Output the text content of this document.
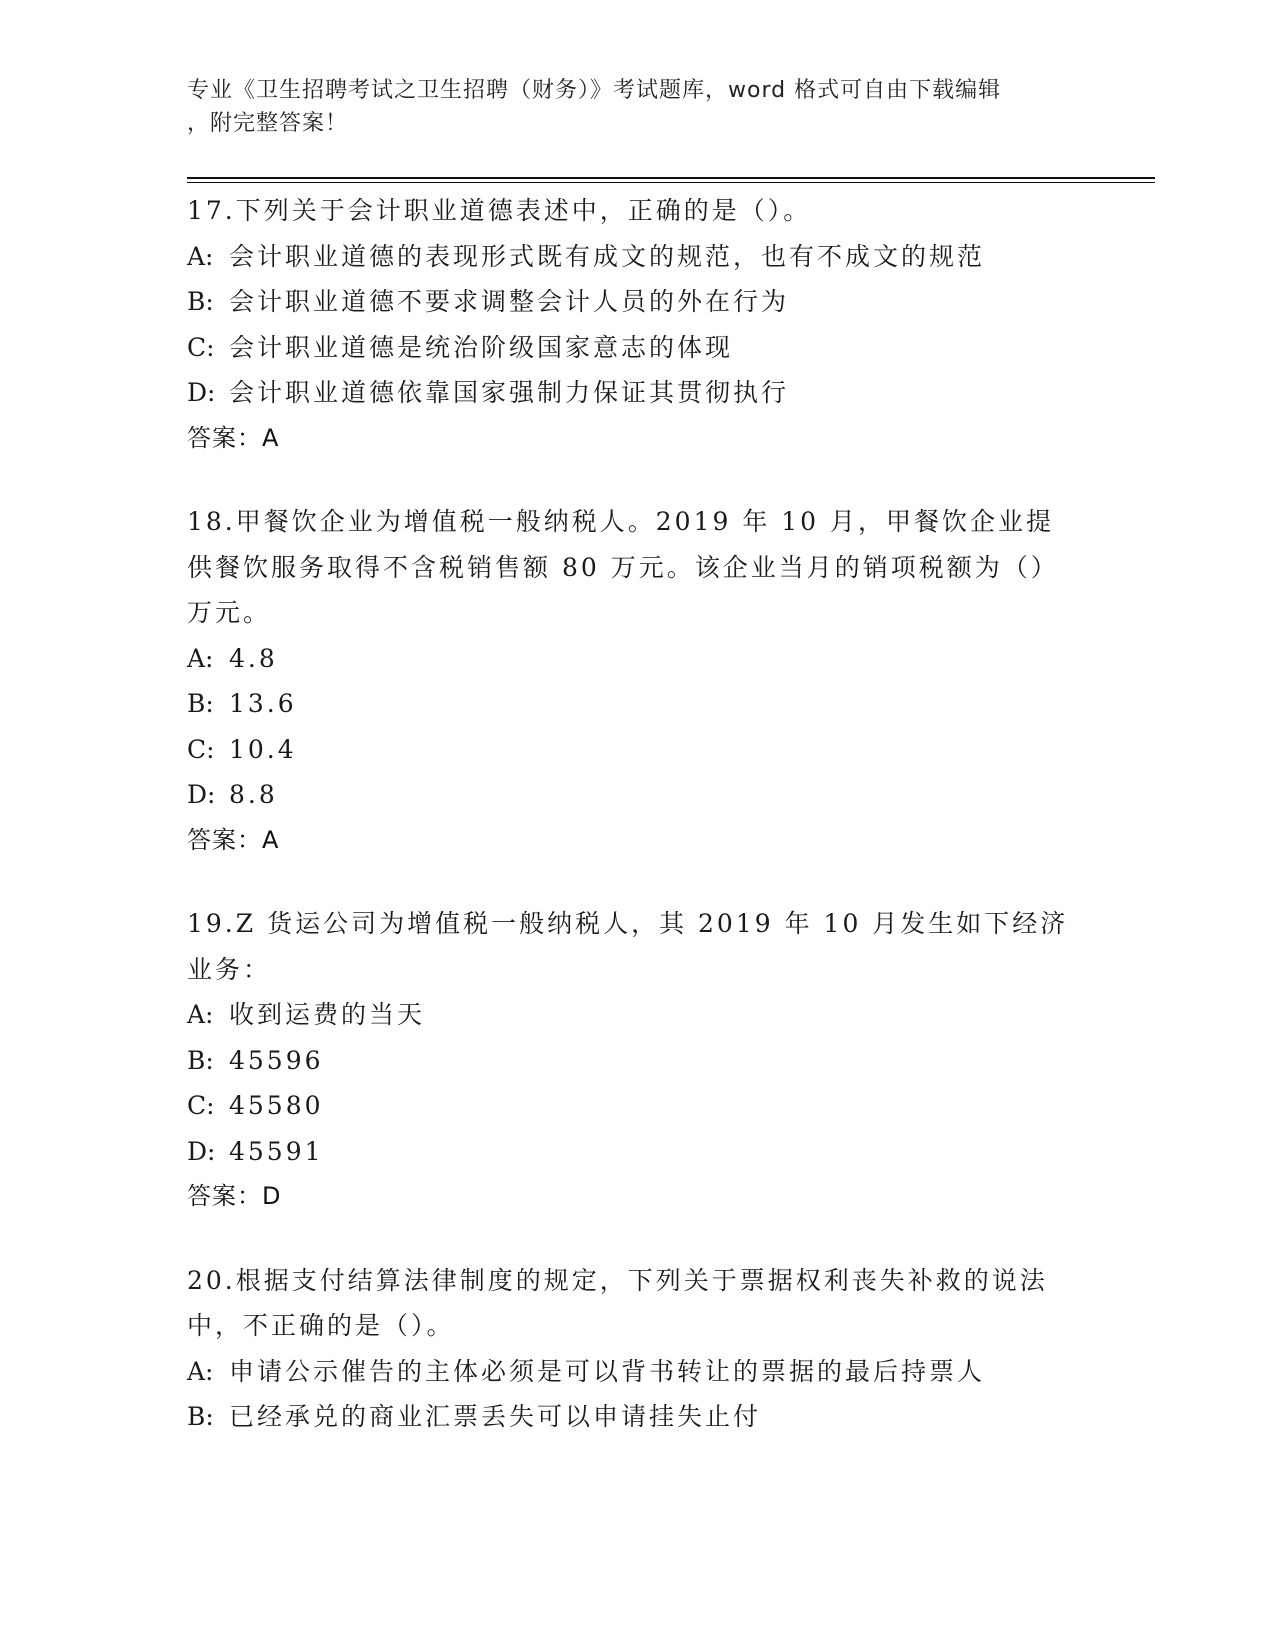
专业《卫生招聘考试之卫生招聘（财务）》考试题库，word 格式可自由下载编辑
，附完整答案！
17.下列关于会计职业道德表述中，正确的是（）。
A: 会计职业道德的表现形式既有成文的规范，也有不成文的规范
B: 会计职业道德不要求调整会计人员的外在行为
C: 会计职业道德是统治阶级国家意志的体现
D: 会计职业道德依靠国家强制力保证其贯彻执行
答案：A
18.甲餐饮企业为增值税一般纳税人。2019 年 10 月，甲餐饮企业提供餐饮服务取得不含税销售额 80 万元。该企业当月的销项税额为（）万元。
A: 4.8
B: 13.6
C: 10.4
D: 8.8
答案：A
19.Z 货运公司为增值税一般纳税人，其 2019 年 10 月发生如下经济业务：
A: 收到运费的当天
B: 45596
C: 45580
D: 45591
答案：D
20.根据支付结算法律制度的规定，下列关于票据权利丧失补救的说法中，不正确的是（）。
A: 申请公示催告的主体必须是可以背书转让的票据的最后持票人
B: 已经承兑的商业汇票丢失可以申请挂失止付
